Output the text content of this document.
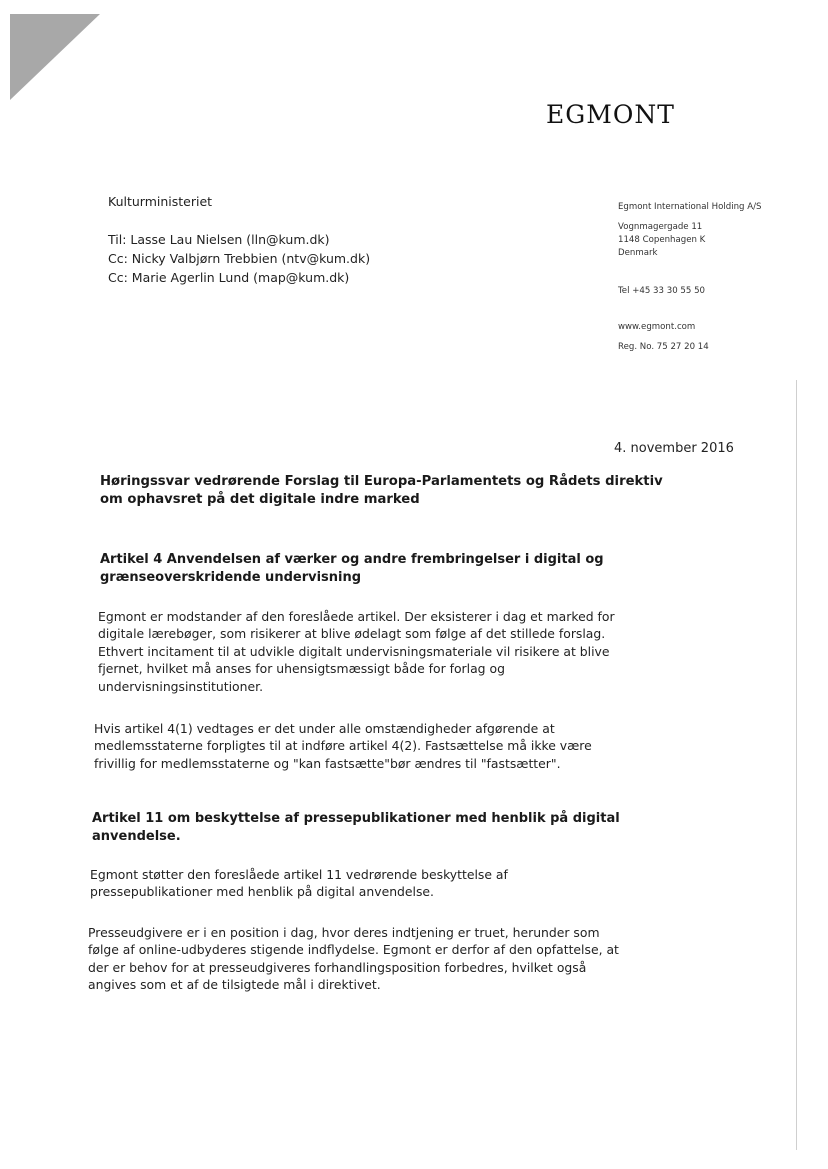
EGMONT
Kulturministeriet
Til: Lasse Lau Nielsen (lln@kum.dk)
Cc: Nicky Valbjørn Trebbien (ntv@kum.dk)
Cc: Marie Agerlin Lund (map@kum.dk)
Egmont International Holding A/S
Vognmagergade 11
1148 Copenhagen K
Denmark
Tel +45 33 30 55 50
www.egmont.com
Reg. No. 75 27 20 14
4. november 2016
Høringssvar vedrørende Forslag til Europa-Parlamentets og Rådets direktiv
om ophavsret på det digitale indre marked
Artikel 4 Anvendelsen af værker og andre frembringelser i digital og
grænseoverskridende undervisning
Egmont er modstander af den foreslåede artikel. Der eksisterer i dag et marked for
digitale lærebøger, som risikerer at blive ødelagt som følge af det stillede forslag.
Ethvert incitament til at udvikle digitalt undervisningsmateriale vil risikere at blive
fjernet, hvilket må anses for uhensigtsmæssigt både for forlag og
undervisningsinstitutioner.
Hvis artikel 4(1) vedtages er det under alle omstændigheder afgørende at
medlemsstaterne forpligtes til at indføre artikel 4(2). Fastsættelse må ikke være
frivillig for medlemsstaterne og "kan fastsætte"bør ændres til "fastsætter".
Artikel 11 om beskyttelse af pressepublikationer med henblik på digital
anvendelse.
Egmont støtter den foreslåede artikel 11 vedrørende beskyttelse af
pressepublikationer med henblik på digital anvendelse.
Presseudgivere er i en position i dag, hvor deres indtjening er truet, herunder som
følge af online-udbyderes stigende indflydelse. Egmont er derfor af den opfattelse, at
der er behov for at presseudgiveres forhandlingsposition forbedres, hvilket også
angives som et af de tilsigtede mål i direktivet.
